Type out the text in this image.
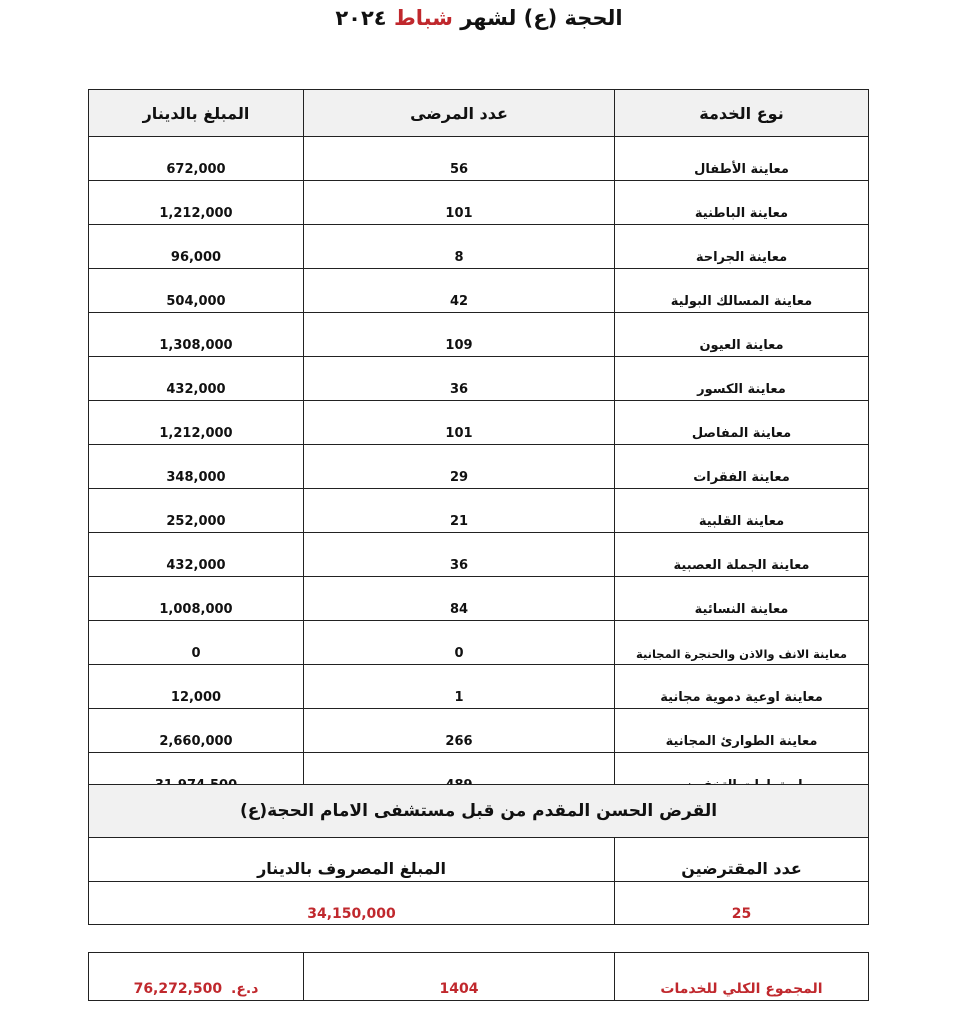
الحجة (ع) لشهر شباط ٢٠٢٤
نوع الخدمة	عدد المرضى	المبلغ بالدينار
معاينة الأطفال	56	672,000
معاينة الباطنية	101	1,212,000
معاينة الجراحة	8	96,000
معاينة المسالك البولية	42	504,000
معاينة العيون	109	1,308,000
معاينة الكسور	36	432,000
معاينة المفاصل	101	1,212,000
معاينة الفقرات	29	348,000
معاينة القلبية	21	252,000
معاينة الجملة العصبية	36	432,000
معاينة النسائية	84	1,008,000
معاينة الانف والاذن والحنجرة المجانية	0	0
معاينة اوعية دموية مجانية	1	12,000
معاينة الطوارئ المجانية	266	2,660,000

القرض الحسن المقدم من قبل مستشفى الامام الحجة(ع)	
عدد المقترضين	المبلغ المصروف بالدينار
25	34,150,000
المجموع الكلي للخدمات	1404	د.ع. 76,272,500
